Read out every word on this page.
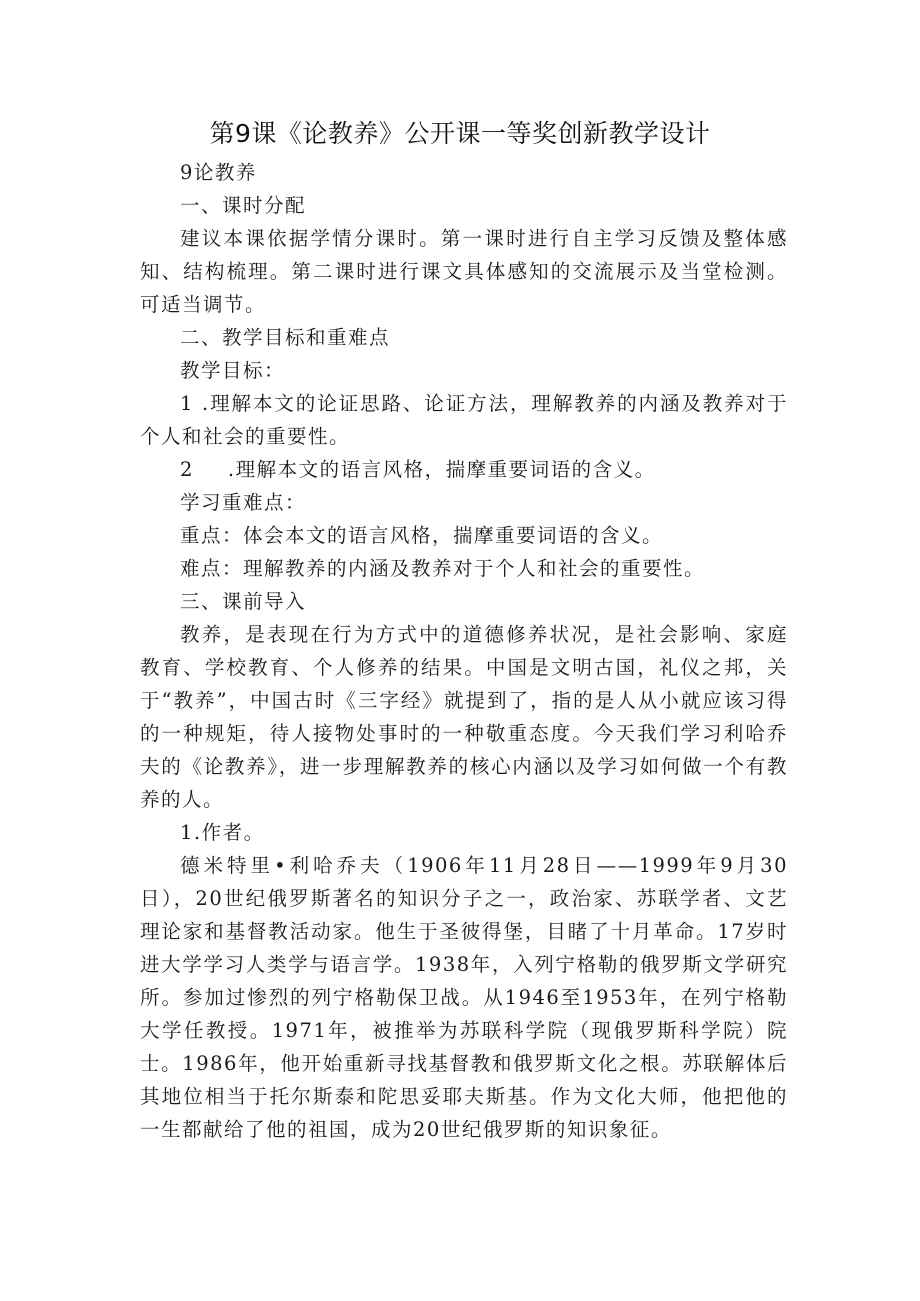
第9课《论教养》公开课一等奖创新教学设计

9论教养

一、课时分配

建议本课依据学情分课时。第一课时进行自主学习反馈及整体感知、结构梳理。第二课时进行课文具体感知的交流展示及当堂检测。可适当调节。

二、教学目标和重难点

教学目标：

1 .理解本文的论证思路、论证方法，理解教养的内涵及教养对于个人和社会的重要性。

2 .理解本文的语言风格，揣摩重要词语的含义。

学习重难点：

重点：体会本文的语言风格，揣摩重要词语的含义。

难点：理解教养的内涵及教养对于个人和社会的重要性。

三、课前导入

教养，是表现在行为方式中的道德修养状况，是社会影响、家庭教育、学校教育、个人修养的结果。中国是文明古国，礼仪之邦，关于“教养”，中国古时《三字经》就提到了，指的是人从小就应该习得的一种规矩，待人接物处事时的一种敬重态度。今天我们学习利哈乔夫的《论教养》，进一步理解教养的核心内涵以及学习如何做一个有教养的人。

1.作者。

德米特里•利哈乔夫（1906年11月28日——1999年9月30日），20世纪俄罗斯著名的知识分子之一，政治家、苏联学者、文艺理论家和基督教活动家。他生于圣彼得堡，目睹了十月革命。17岁时进大学学习人类学与语言学。1938年，入列宁格勒的俄罗斯文学研究所。参加过惨烈的列宁格勒保卫战。从1946至1953年，在列宁格勒大学任教授。1971年，被推举为苏联科学院（现俄罗斯科学院）院士。1986年，他开始重新寻找基督教和俄罗斯文化之根。苏联解体后其地位相当于托尔斯泰和陀思妥耶夫斯基。作为文化大师，他把他的一生都献给了他的祖国，成为20世纪俄罗斯的知识象征。
